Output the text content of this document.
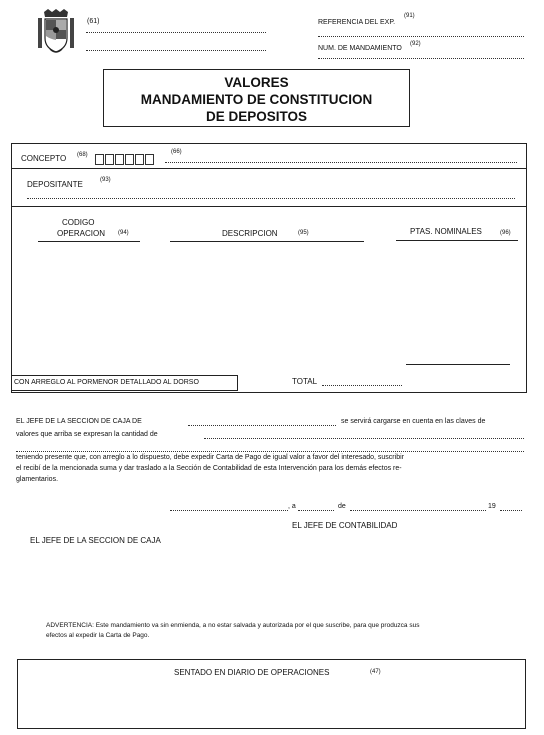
(61)	REFERENCIA DEL EXP.
(91)
NUM. DE MANDAMIENTO
(92)
VALORES
MANDAMIENTO DE CONSTITUCION
DE DEPOSITOS
CONCEPTO (68)	(66)
DEPOSITANTE	(93)
CODIGO
OPERACION (94)	DESCRIPCION	(95)	PTAS. NOMINALES	(96)
CON ARREGLO AL PORMENOR DETALLADO AL DORSO	TOTAL
EL JEFE DE LA SECCION DE CAJA DE	se servirá cargarse en cuenta en las claves de
valores que arriba se expresan la cantidad de
teniendo presente que, con arreglo a lo dispuesto, debe expedir Carta de Pago de igual valor a favor del interesado, suscribir
el recibí de la mencionada suma y dar traslado a la Sección de Contabilidad de esta Intervención para los demás efectos re-
glamentarios.
, a	de	19
EL JEFE DE CONTABILIDAD
EL JEFE DE LA SECCION DE CAJA
ADVERTENCIA: Este mandamiento va sin enmienda, a no estar salvada y autorizada por el que suscribe, para que produzca sus
efectos al expedir la Carta de Pago.
SENTADO EN DIARIO DE OPERACIONES	(47)
